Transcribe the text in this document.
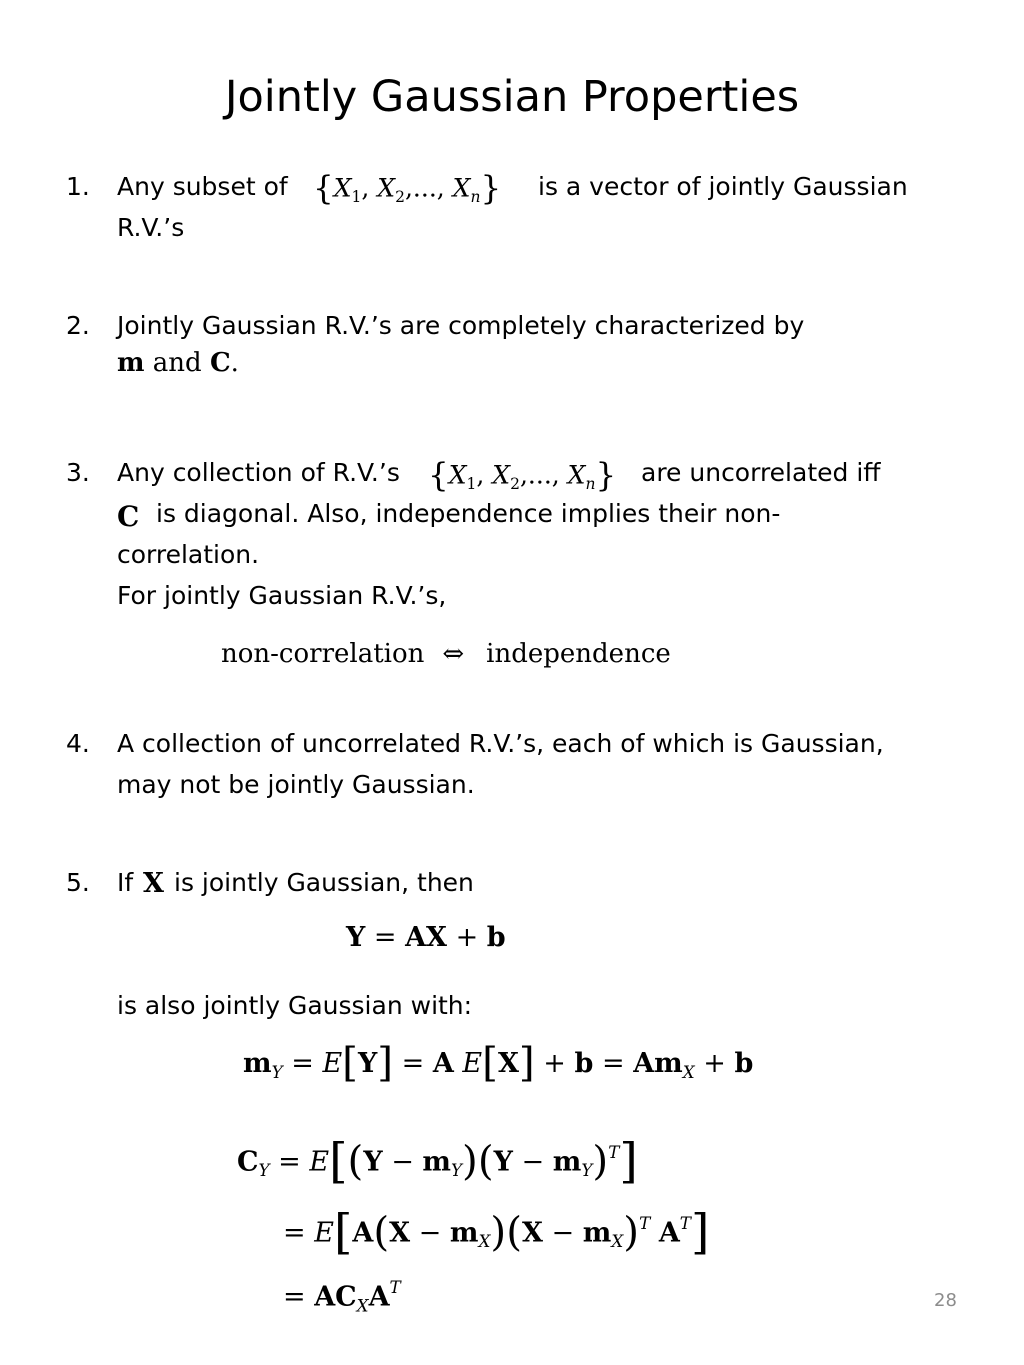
Jointly Gaussian Properties
1. Any subset of {$X_1$, $X_2$,..., $X_n$} is a vector of jointly Gaussian
R.V.’s
2. Jointly Gaussian R.V.’s are completely characterized by
m and C.
3. Any collection of R.V.’s {$X_1$, $X_2$,..., $X_n$} are uncorrelated iff
C is diagonal. Also, independence implies their non-
correlation.
For jointly Gaussian R.V.’s,
non-correlation ⇔ independence
4. A collection of uncorrelated R.V.’s, each of which is Gaussian,
may not be jointly Gaussian.
5. If X is jointly Gaussian, then
Y = AX + b
is also jointly Gaussian with:
$m_Y = E[Y] = A$ $E[X] + b = Am_X + b$
$C_Y = E[(Y - m_Y)(Y - m_Y)^T]$
= $E[A(X - m_X)(X - m_X)^T$ $A^T$]
= $AC_XA^T$
28
